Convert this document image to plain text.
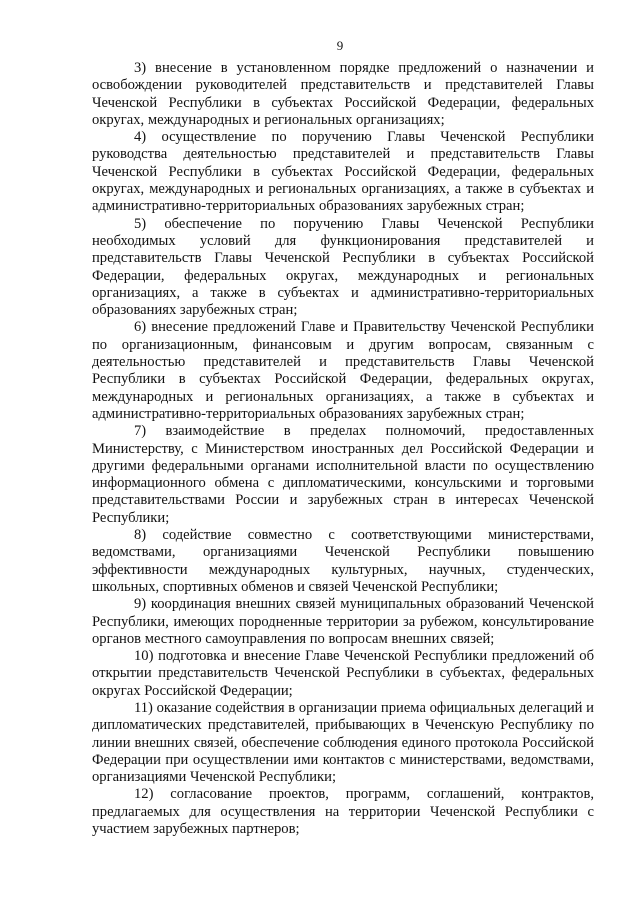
9

3) внесение в установленном порядке предложений о назначении и освобождении руководителей представительств и представителей Главы Чеченской Республики в субъектах Российской Федерации, федеральных округах, международных и региональных организациях;

4) осуществление по поручению Главы Чеченской Республики руководства деятельностью представителей и представительств Главы Чеченской Республики в субъектах Российской Федерации, федеральных округах, международных и региональных организациях, а также в субъектах и административно-территориальных образованиях зарубежных стран;

5) обеспечение по поручению Главы Чеченской Республики необходимых условий для функционирования представителей и представительств Главы Чеченской Республики в субъектах Российской Федерации, федеральных округах, международных и региональных организациях, а также в субъектах и административно-территориальных образованиях зарубежных стран;

6) внесение предложений Главе и Правительству Чеченской Республики по организационным, финансовым и другим вопросам, связанным с деятельностью представителей и представительств Главы Чеченской Республики в субъектах Российской Федерации, федеральных округах, международных и региональных организациях, а также в субъектах и административно-территориальных образованиях зарубежных стран;

7) взаимодействие в пределах полномочий, предоставленных Министерству, с Министерством иностранных дел Российской Федерации и другими федеральными органами исполнительной власти по осуществлению информационного обмена с дипломатическими, консульскими и торговыми представительствами России и зарубежных стран в интересах Чеченской Республики;

8) содействие совместно с соответствующими министерствами, ведомствами, организациями Чеченской Республики повышению эффективности международных культурных, научных, студенческих, школьных, спортивных обменов и связей Чеченской Республики;

9) координация внешних связей муниципальных образований Чеченской Республики, имеющих породненные территории за рубежом, консультирование органов местного самоуправления по вопросам внешних связей;

10) подготовка и внесение Главе Чеченской Республики предложений об открытии представительств Чеченской Республики в субъектах, федеральных округах Российской Федерации;

11) оказание содействия в организации приема официальных делегаций и дипломатических представителей, прибывающих в Чеченскую Республику по линии внешних связей, обеспечение соблюдения единого протокола Российской Федерации при осуществлении ими контактов с министерствами, ведомствами, организациями Чеченской Республики;

12) согласование проектов, программ, соглашений, контрактов, предлагаемых для осуществления на территории Чеченской Республики с участием зарубежных партнеров;
